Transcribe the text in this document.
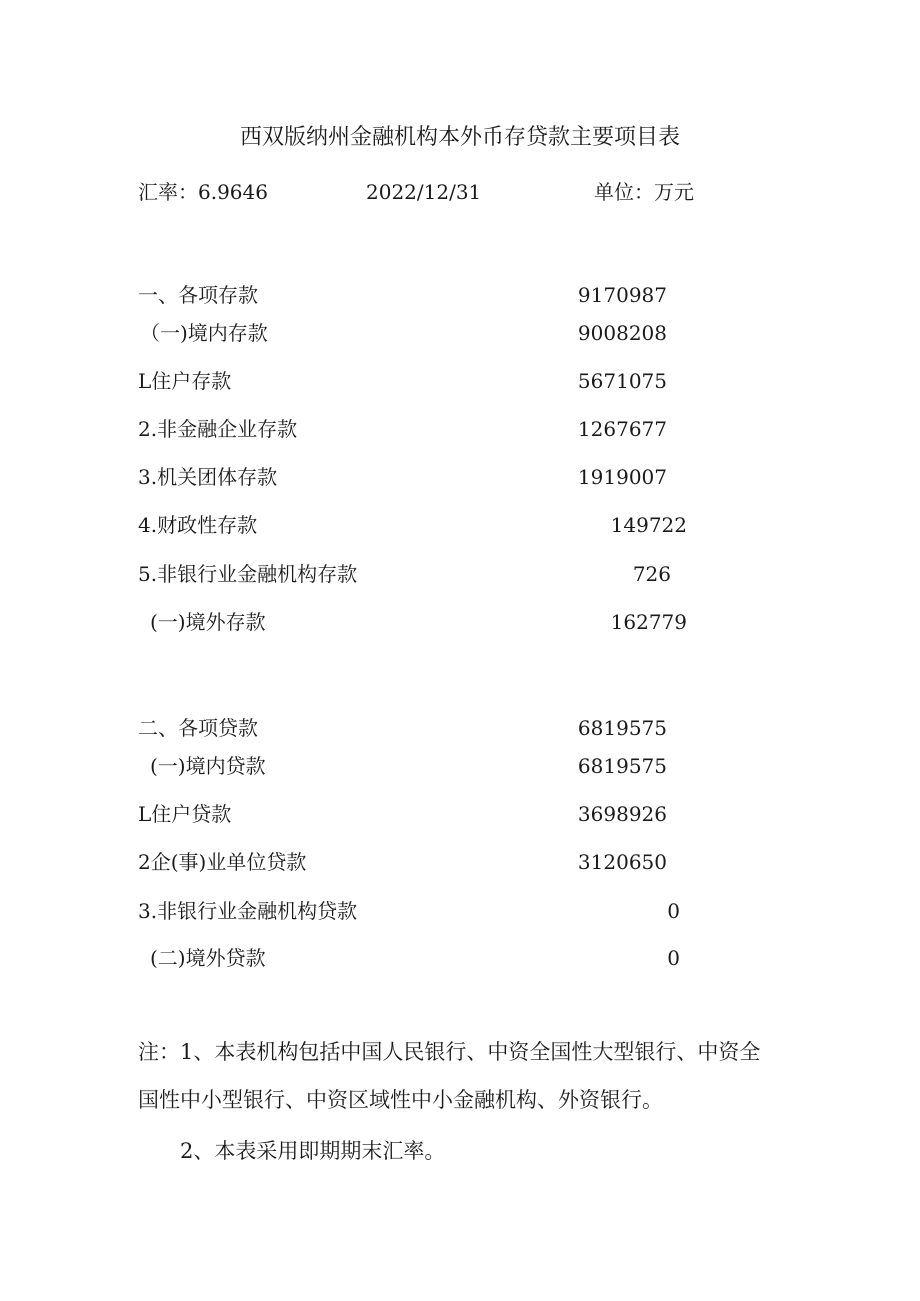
西双版纳州金融机构本外币存贷款主要项目表
汇率：6.9646	2022/12/31	单位：万元
一、各项存款	9170987
（一)境内存款	9008208
L住户存款	5671075
2.非金融企业存款	1267677
3.机关团体存款	1919007
4.财政性存款	149722
5.非银行业金融机构存款	726
(一)境外存款	162779
二、各项贷款	6819575
(一)境内贷款	6819575
L住户贷款	3698926
2企(事)业单位贷款	3120650
3.非银行业金融机构贷款	0
(二)境外贷款	0
注：1、本表机构包括中国人民银行、中资全国性大型银行、中资全
国性中小型银行、中资区域性中小金融机构、外资银行。
2、本表采用即期期末汇率。
